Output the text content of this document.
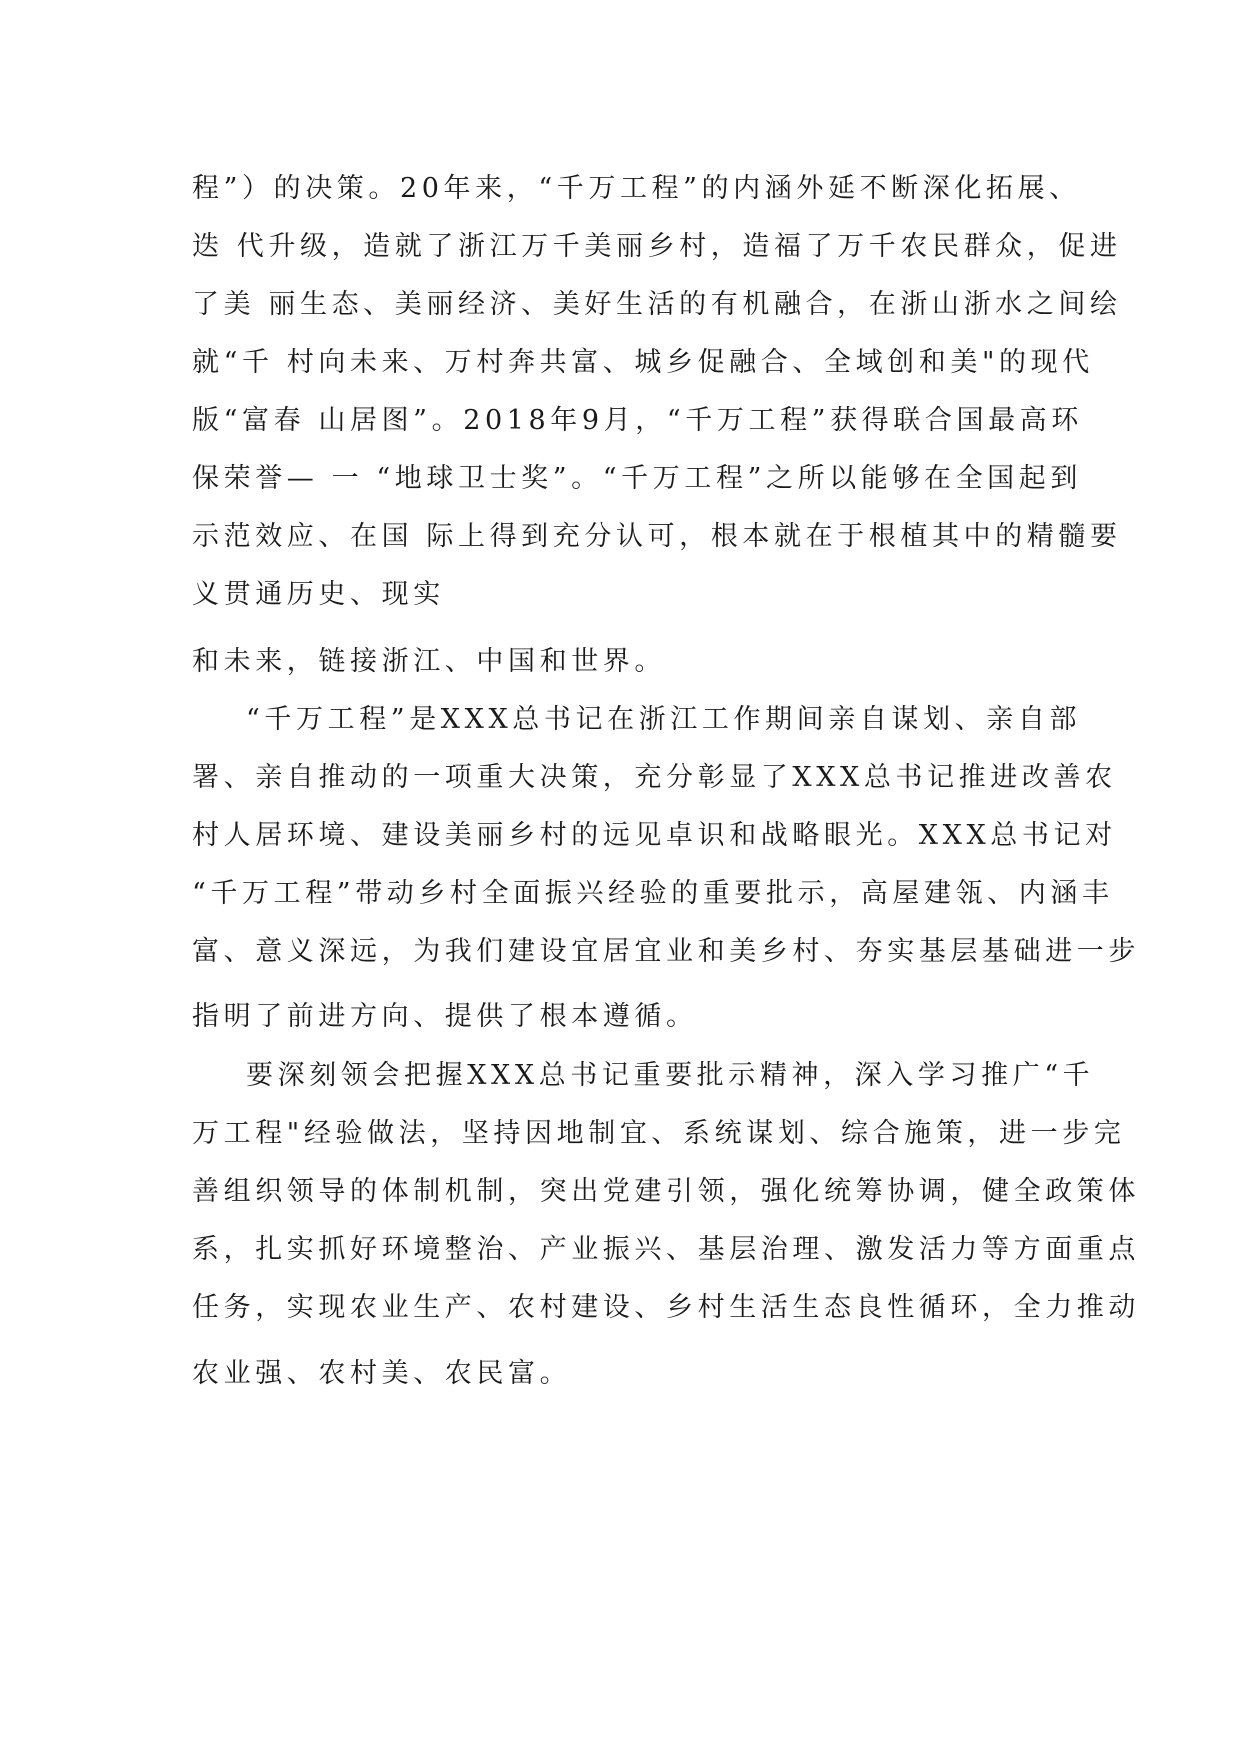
程”）的决策。20年来，“千万工程”的内涵外延不断深化拓展、

迭 代升级，造就了浙江万千美丽乡村，造福了万千农民群众，促进

了美 丽生态、美丽经济、美好生活的有机融合，在浙山浙水之间绘

就“千 村向未来、万村奔共富、城乡促融合、全域创和美"的现代

版“富春 山居图”。2018年9月，“千万工程”获得联合国最高环

保荣誉— 一 “地球卫士奖”。“千万工程”之所以能够在全国起到

示范效应、在国 际上得到充分认可，根本就在于根植其中的精髓要

义贯通历史、现实

和未来，链接浙江、中国和世界。

“千万工程”是XXX总书记在浙江工作期间亲自谋划、亲自部

署、亲自推动的一项重大决策，充分彰显了XXX总书记推进改善农

村人居环境、建设美丽乡村的远见卓识和战略眼光。XXX总书记对

“千万工程”带动乡村全面振兴经验的重要批示，高屋建瓴、内涵丰

富、意义深远，为我们建设宜居宜业和美乡村、夯实基层基础进一步

指明了前进方向、提供了根本遵循。

要深刻领会把握XXX总书记重要批示精神，深入学习推广“千

万工程"经验做法，坚持因地制宜、系统谋划、综合施策，进一步完

善组织领导的体制机制，突出党建引领，强化统筹协调，健全政策体

系，扎实抓好环境整治、产业振兴、基层治理、激发活力等方面重点

任务，实现农业生产、农村建设、乡村生活生态良性循环，全力推动

农业强、农村美、农民富。
